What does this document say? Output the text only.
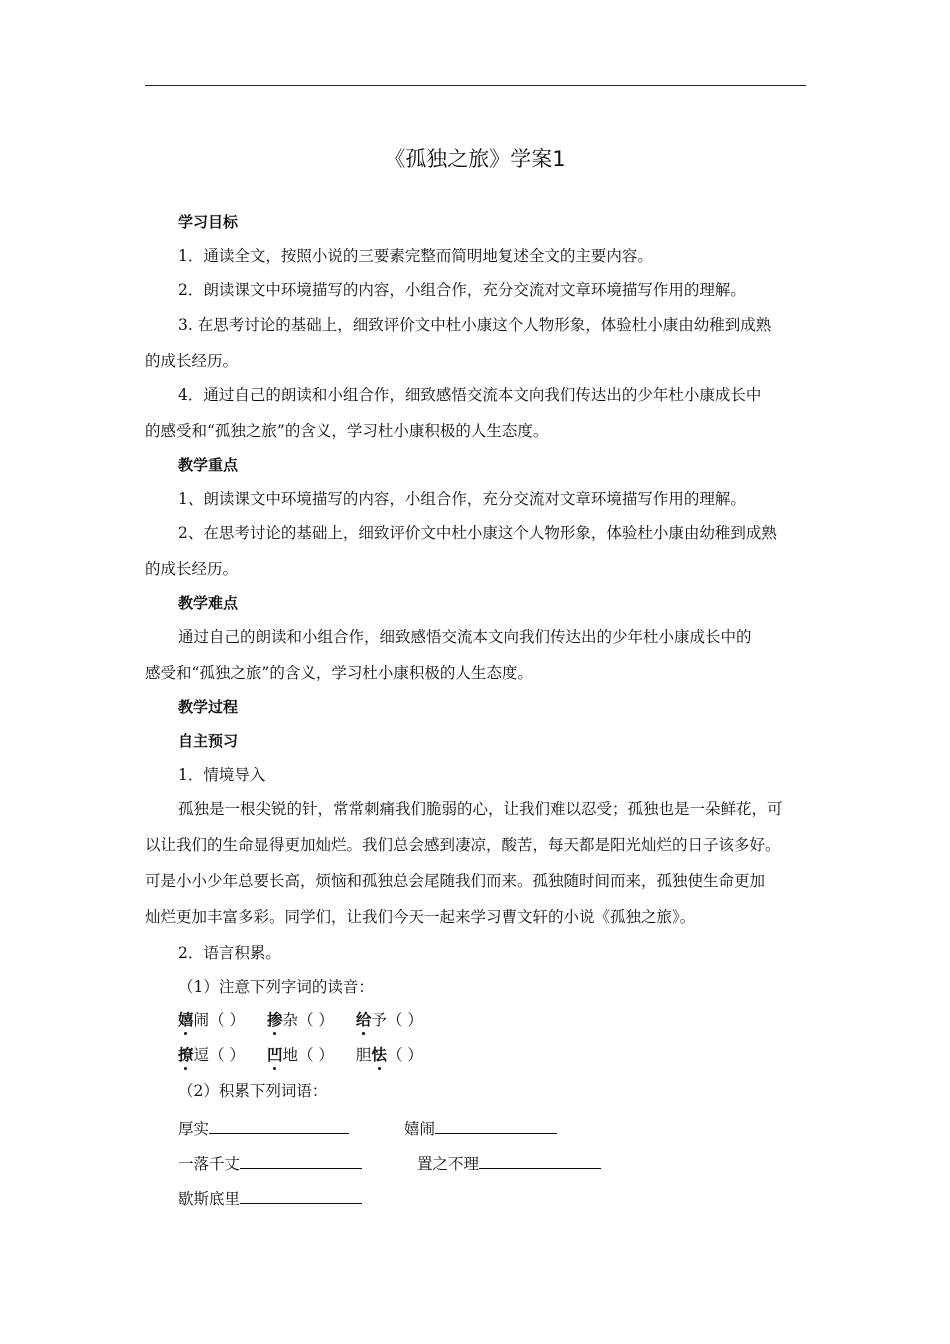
《孤独之旅》学案1
学习目标
1．通读全文，按照小说的三要素完整而简明地复述全文的主要内容。
2．朗读课文中环境描写的内容，小组合作，充分交流对文章环境描写作用的理解。
3. 在思考讨论的基础上，细致评价文中杜小康这个人物形象，体验杜小康由幼稚到成熟
的成长经历。
4．通过自己的朗读和小组合作，细致感悟交流本文向我们传达出的少年杜小康成长中
的感受和“孤独之旅”的含义，学习杜小康积极的人生态度。
教学重点
1、朗读课文中环境描写的内容，小组合作，充分交流对文章环境描写作用的理解。
2、在思考讨论的基础上，细致评价文中杜小康这个人物形象，体验杜小康由幼稚到成熟
的成长经历。
教学难点
通过自己的朗读和小组合作，细致感悟交流本文向我们传达出的少年杜小康成长中的
感受和“孤独之旅”的含义，学习杜小康积极的人生态度。
教学过程
自主预习
1．情境导入
孤独是一根尖锐的针，常常刺痛我们脆弱的心，让我们难以忍受；孤独也是一朵鲜花，可
以让我们的生命显得更加灿烂。我们总会感到凄凉，酸苦，每天都是阳光灿烂的日子该多好。
可是小小少年总要长高，烦恼和孤独总会尾随我们而来。孤独随时间而来，孤独使生命更加
灿烂更加丰富多彩。同学们，让我们今天一起来学习曹文轩的小说《孤独之旅》。
2．语言积累。
（1）注意下列字词的读音：
嬉闹（ ） 掺杂（ ） 给予（ ）
撩逗（ ） 凹地（ ） 胆怯（ ）
（2）积累下列词语：
厚实	嬉闹
一落千丈	置之不理
歇斯底里
